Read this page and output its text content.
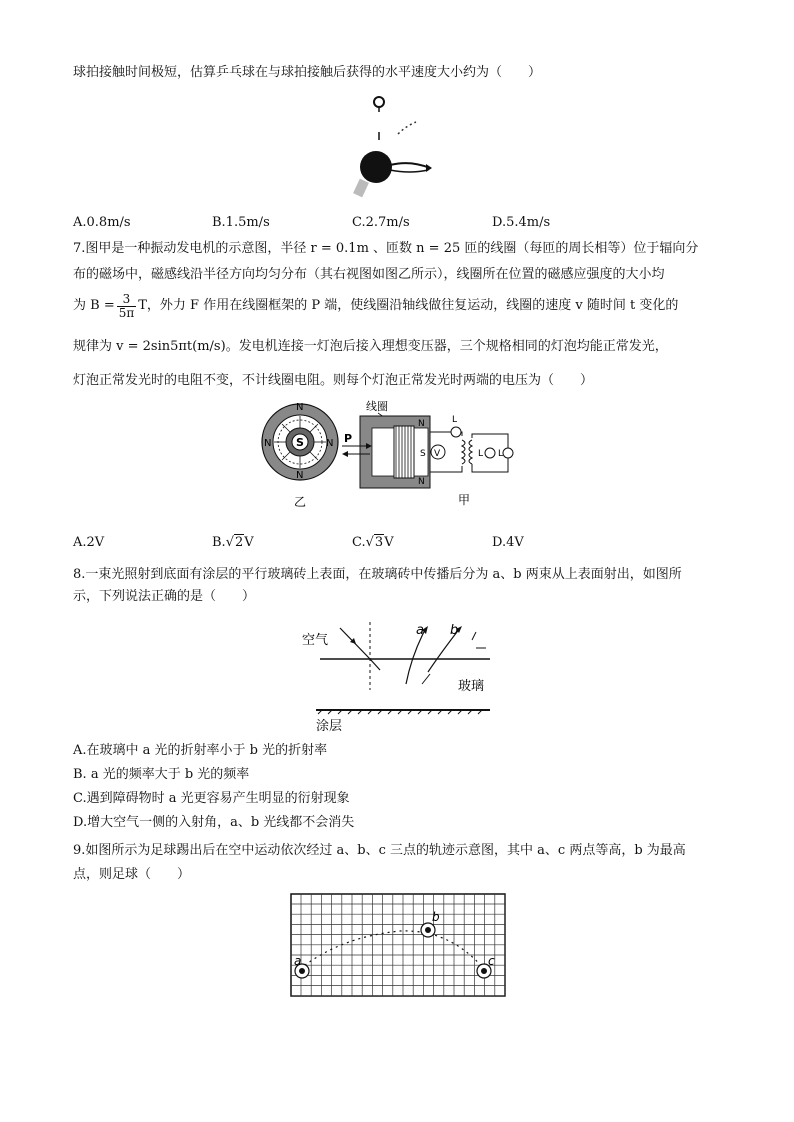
球拍接触时间极短，估算乒乓球在与球拍接触后获得的水平速度大小约为（　　）
A.0.8m/s	B.1.5m/s	C.2.7m/s	D.5.4m/s
7.图甲是一种振动发电机的示意图，半径 r = 0.1m 、匝数 n = 25 匝的线圈（每匝的周长相等）位于辐向分
布的磁场中，磁感线沿半径方向均匀分布（其右视图如图乙所示），线圈所在位置的磁感应强度的大小均
为 $B = \frac{3}{5\pi}$ T，外力 F 作用在线圈框架的 P 端，使线圈沿轴线做往复运动，线圈的速度 v 随时间 t 变化的
规律为 v = 2sin5πt(m/s)。发电机连接一灯泡后接入理想变压器，三个规格相同的灯泡均能正常发光，
灯泡正常发光时的电阻不变，不计线圈电阻。则每个灯泡正常发光时两端的电压为（　　）
S
N
N	N
N
乙
线圈
P
N
S
N
V
L
L L
甲
A.2V	B.√2V	C.√3V	D.4V
8.一束光照射到底面有涂层的平行玻璃砖上表面，在玻璃砖中传播后分为 a、b 两束从上表面射出，如图所
示，下列说法正确的是（　　）
空气
a b
玻璃
涂层
A.在玻璃中 a 光的折射率小于 b 光的折射率
B. a 光的频率大于 b 光的频率
C.遇到障碍物时 a 光更容易产生明显的衍射现象
D.增大空气一侧的入射角，a、b 光线都不会消失
9.如图所示为足球踢出后在空中运动依次经过 a、b、c 三点的轨迹示意图，其中 a、c 两点等高，b 为最高
点，则足球（　　）
a
b
c
